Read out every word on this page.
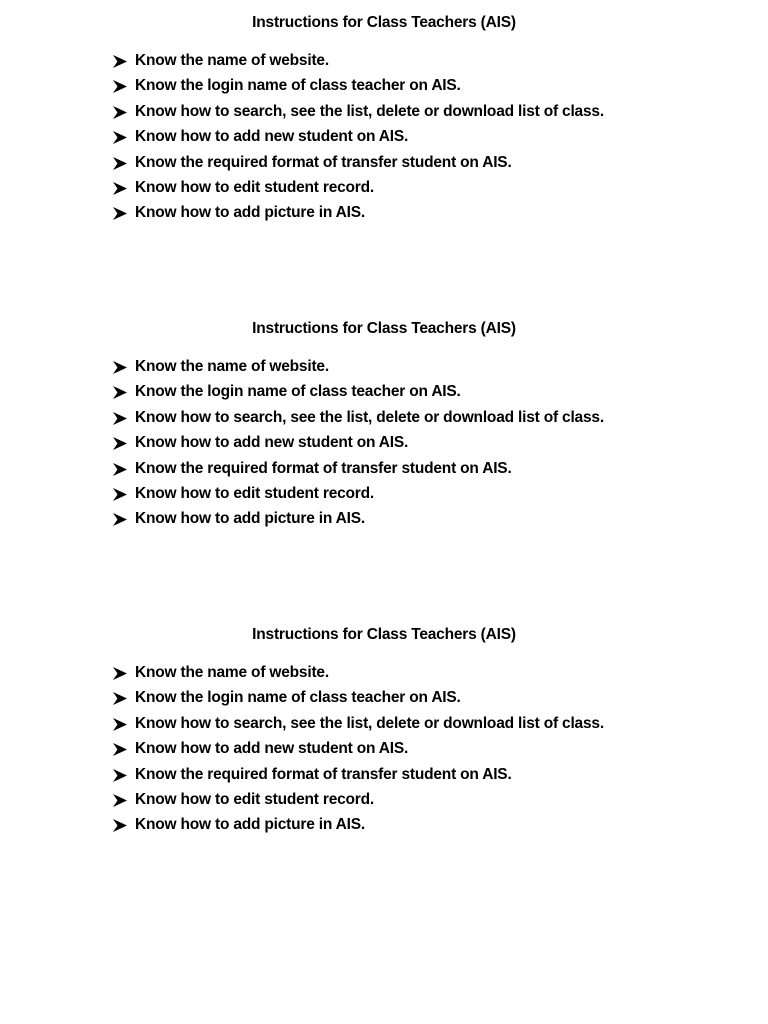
Instructions for Class Teachers (AIS)
Know the name of website.
Know the login name of class teacher on AIS.
Know how to search, see the list, delete or download list of class.
Know how to add new student on AIS.
Know the required format of transfer student on AIS.
Know how to edit student record.
Know how to add picture in AIS.
Instructions for Class Teachers (AIS)
Know the name of website.
Know the login name of class teacher on AIS.
Know how to search, see the list, delete or download list of class.
Know how to add new student on AIS.
Know the required format of transfer student on AIS.
Know how to edit student record.
Know how to add picture in AIS.
Instructions for Class Teachers (AIS)
Know the name of website.
Know the login name of class teacher on AIS.
Know how to search, see the list, delete or download list of class.
Know how to add new student on AIS.
Know the required format of transfer student on AIS.
Know how to edit student record.
Know how to add picture in AIS.
